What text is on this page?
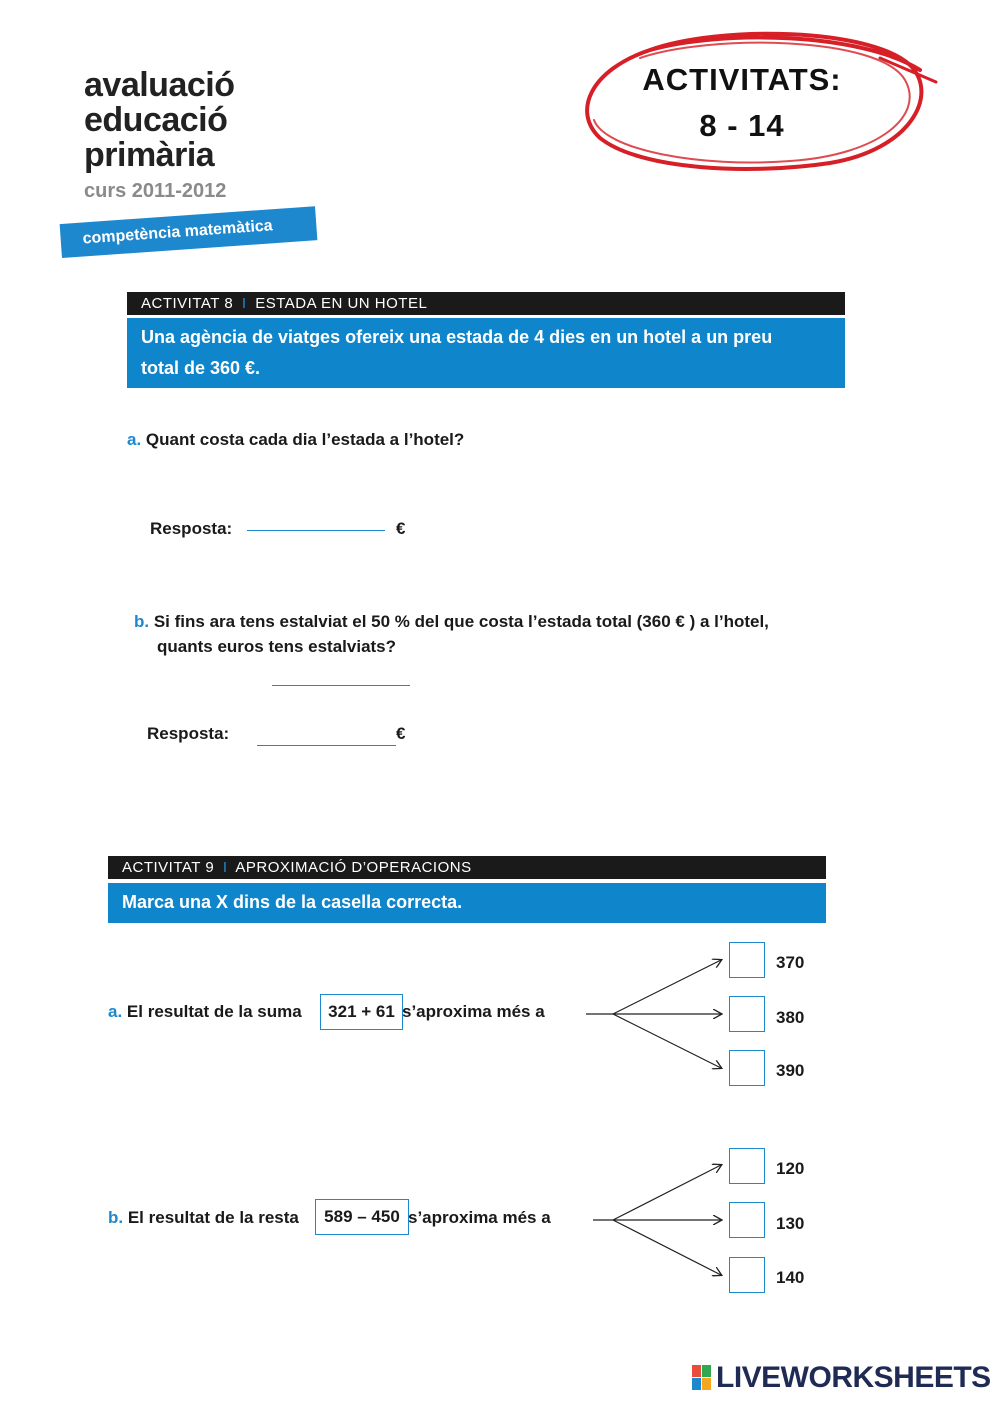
avaluació
educació
primària
curs 2011-2012
competència matemàtica
ACTIVITATS:
8 - 14
ACTIVITAT 8 I ESTADA EN UN HOTEL
Una agència de viatges ofereix una estada de 4 dies en un hotel a un preu
total de 360 €.
a. Quant costa cada dia l’estada a l’hotel?
Resposta:	€
b. Si fins ara tens estalviat el 50 % del que costa l’estada total (360 € ) a l’hotel,
quants euros tens estalviats?
Resposta:	€
ACTIVITAT 9 I APROXIMACIÓ D’OPERACIONS
Marca una X dins de la casella correcta.
a. El resultat de la suma	321 + 61 s’aproxima més a
370
380
390
b. El resultat de la resta	589 – 450 s’aproxima més a
120
130
140
LIVEWORKSHEETS
